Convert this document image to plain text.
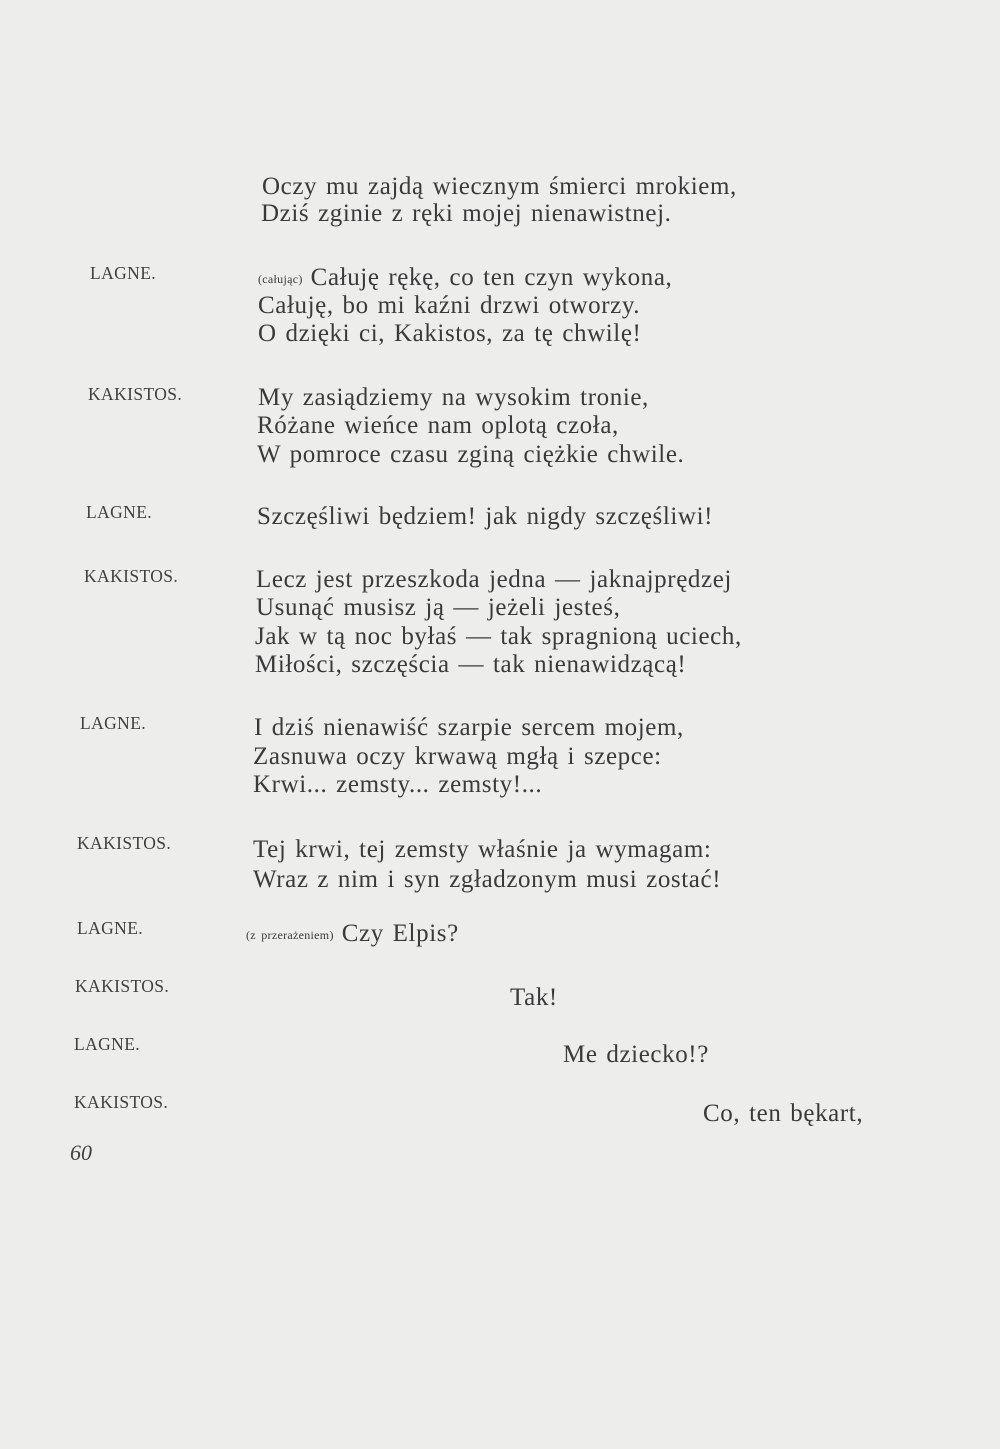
Oczy mu zajdą wiecznym śmierci mrokiem,
Dziś zginie z ręki mojej nienawistnej.
LAGNE.	(całując) Całuję rękę, co ten czyn wykona,
Całuję, bo mi kaźni drzwi otworzy.
O dzięki ci, Kakistos, za tę chwilę!
KAKISTOS.	My zasiądziemy na wysokim tronie,
Różane wieńce nam oplotą czoła,
W pomroce czasu zginą ciężkie chwile.
LAGNE.	Szczęśliwi będziem! jak nigdy szczęśliwi!
KAKISTOS.	Lecz jest przeszkoda jedna — jaknajprędzej
Usunąć musisz ją — jeżeli jesteś,
Jak w tą noc byłaś — tak spragnioną uciech,
Miłości, szczęścia — tak nienawidzącą!
LAGNE.	I dziś nienawiść szarpie sercem mojem,
Zasnuwa oczy krwawą mgłą i szepce:
Krwi... zemsty... zemsty!...
KAKISTOS.	Tej krwi, tej zemsty właśnie ja wymagam:
Wraz z nim i syn zgładzonym musi zostać!
LAGNE.	(z przerażeniem) Czy Elpis?
KAKISTOS.	Tak!
LAGNE.	Me dziecko!?
KAKISTOS.	Co, ten bękart,
60
